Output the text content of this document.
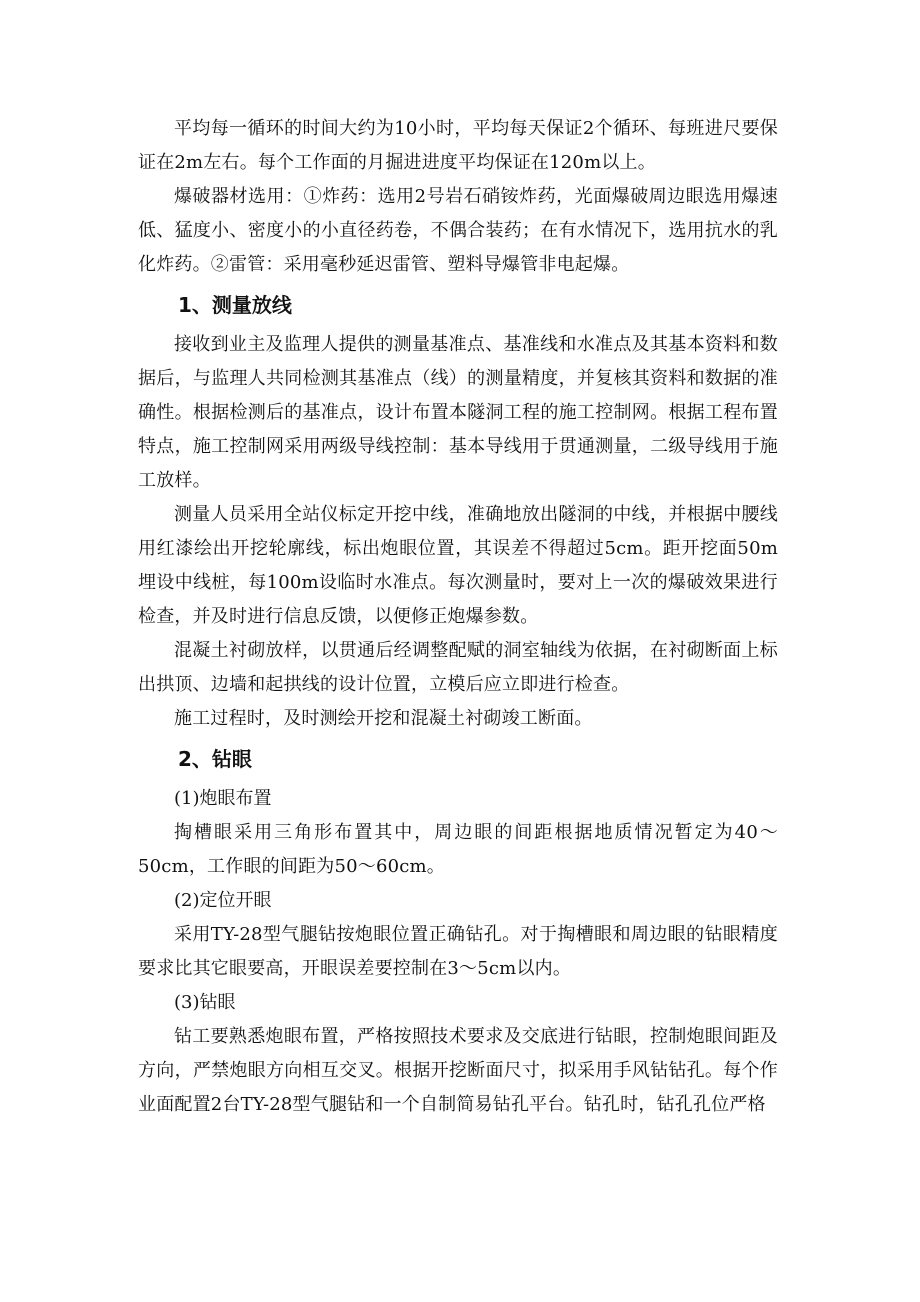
平均每一循环的时间大约为10小时，平均每天保证2个循环、每班进尺要保证在2m左右。每个工作面的月掘进进度平均保证在120m以上。

爆破器材选用：①炸药：选用2号岩石硝铵炸药，光面爆破周边眼选用爆速低、猛度小、密度小的小直径药卷，不偶合装药；在有水情况下，选用抗水的乳化炸药。②雷管：采用毫秒延迟雷管、塑料导爆管非电起爆。

1、测量放线

接收到业主及监理人提供的测量基准点、基准线和水准点及其基本资料和数据后，与监理人共同检测其基准点（线）的测量精度，并复核其资料和数据的准确性。根据检测后的基准点，设计布置本隧洞工程的施工控制网。根据工程布置特点，施工控制网采用两级导线控制：基本导线用于贯通测量，二级导线用于施工放样。

测量人员采用全站仪标定开挖中线，准确地放出隧洞的中线，并根据中腰线用红漆绘出开挖轮廓线，标出炮眼位置，其误差不得超过5cm。距开挖面50m埋设中线桩，每100m设临时水准点。每次测量时，要对上一次的爆破效果进行检查，并及时进行信息反馈，以便修正炮爆参数。

混凝土衬砌放样，以贯通后经调整配赋的洞室轴线为依据，在衬砌断面上标出拱顶、边墙和起拱线的设计位置，立模后应立即进行检查。

施工过程时，及时测绘开挖和混凝土衬砌竣工断面。

2、钻眼

(1)炮眼布置

掏槽眼采用三角形布置其中，周边眼的间距根据地质情况暂定为40～50cm，工作眼的间距为50～60cm。

(2)定位开眼

采用TY-28型气腿钻按炮眼位置正确钻孔。对于掏槽眼和周边眼的钻眼精度要求比其它眼要高，开眼误差要控制在3～5cm以内。

(3)钻眼

钻工要熟悉炮眼布置，严格按照技术要求及交底进行钻眼，控制炮眼间距及方向，严禁炮眼方向相互交叉。根据开挖断面尺寸，拟采用手风钻钻孔。每个作业面配置2台TY-28型气腿钻和一个自制简易钻孔平台。钻孔时，钻孔孔位严格
